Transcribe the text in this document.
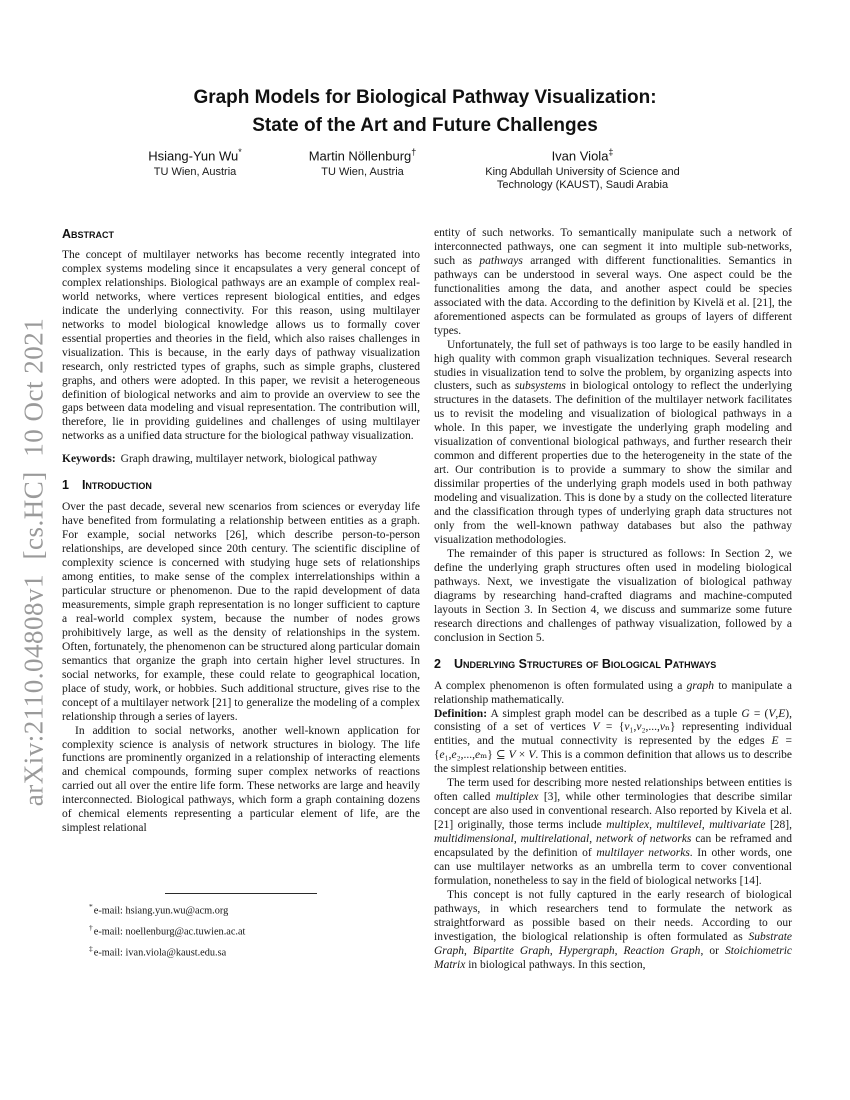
arXiv:2110.04808v1  [cs.HC]  10 Oct 2021
Graph Models for Biological Pathway Visualization:
State of the Art and Future Challenges
Hsiang-Yun Wu*
TU Wien, Austria
Martin Nöllenburg†
TU Wien, Austria
Ivan Viola‡
King Abdullah University of Science and Technology (KAUST), Saudi Arabia
Abstract

The concept of multilayer networks has become recently integrated into complex systems modeling since it encapsulates a very general concept of complex relationships. Biological pathways are an example of complex real-world networks, where vertices represent biological entities, and edges indicate the underlying connectivity. For this reason, using multilayer networks to model biological knowledge allows us to formally cover essential properties and theories in the field, which also raises challenges in visualization. This is because, in the early days of pathway visualization research, only restricted types of graphs, such as simple graphs, clustered graphs, and others were adopted. In this paper, we revisit a heterogeneous definition of biological networks and aim to provide an overview to see the gaps between data modeling and visual representation. The contribution will, therefore, lie in providing guidelines and challenges of using multilayer networks as a unified data structure for the biological pathway visualization.

Keywords: Graph drawing, multilayer network, biological pathway

1 Introduction

Over the past decade, several new scenarios from sciences or everyday life have benefited from formulating a relationship between entities as a graph. For example, social networks [26], which describe person-to-person relationships, are developed since 20th century. The scientific discipline of complexity science is concerned with studying huge sets of relationships among entities, to make sense of the complex interrelationships within a particular structure or phenomenon. Due to the rapid development of data measurements, simple graph representation is no longer sufficient to capture a real-world complex system, because the number of nodes grows prohibitively large, as well as the density of relationships in the system. Often, fortunately, the phenomenon can be structured along particular domain semantics that organize the graph into certain higher level structures. In social networks, for example, these could relate to geographical location, place of study, work, or hobbies. Such additional structure, gives rise to the concept of a multilayer network [21] to generalize the modeling of a complex relationship through a series of layers.

In addition to social networks, another well-known application for complexity science is analysis of network structures in biology. The life functions are prominently organized in a relationship of interacting elements and chemical compounds, forming super complex networks of reactions carried out all over the entire life form. These networks are large and heavily interconnected. Biological pathways, which form a graph containing dozens of chemical elements representing a particular element of life, are the simplest relational

entity of such networks. To semantically manipulate such a network of interconnected pathways, one can segment it into multiple sub-networks, such as pathways arranged with different functionalities. Semantics in pathways can be understood in several ways. One aspect could be the functionalities among the data, and another aspect could be species associated with the data. According to the definition by Kivelä et al. [21], the aforementioned aspects can be formulated as groups of layers of different types.

Unfortunately, the full set of pathways is too large to be easily handled in high quality with common graph visualization techniques. Several research studies in visualization tend to solve the problem, by organizing aspects into clusters, such as subsystems in biological ontology to reflect the underlying structures in the datasets. The definition of the multilayer network facilitates us to revisit the modeling and visualization of biological pathways in a whole. In this paper, we investigate the underlying graph modeling and visualization of conventional biological pathways, and further research their common and different properties due to the heterogeneity in the state of the art. Our contribution is to provide a summary to show the similar and dissimilar properties of the underlying graph models used in both pathway modeling and visualization. This is done by a study on the collected literature and the classification through types of underlying graph data structures not only from the well-known pathway databases but also the pathway visualization methodologies.

The remainder of this paper is structured as follows: In Section 2, we define the underlying graph structures often used in modeling biological pathways. Next, we investigate the visualization of biological pathway diagrams by researching hand-crafted diagrams and machine-computed layouts in Section 3. In Section 4, we discuss and summarize some future research directions and challenges of pathway visualization, followed by a conclusion in Section 5.

2 Underlying Structures of Biological Pathways

A complex phenomenon is often formulated using a graph to manipulate a relationship mathematically.

Definition: A simplest graph model can be described as a tuple G = (V,E), consisting of a set of vertices V = {v₁,v₂,...,vₙ} representing individual entities, and the mutual connectivity is represented by the edges E = {e₁,e₂,...,eₘ} ⊆ V × V. This is a common definition that allows us to describe the simplest relationship between entities.

The term used for describing more nested relationships between entities is often called multiplex [3], while other terminologies that describe similar concept are also used in conventional research. Also reported by Kivela et al. [21] originally, those terms include multiplex, multilevel, multivariate [28], multidimensional, multirelational, network of networks can be reframed and encapsulated by the definition of multilayer networks. In other words, one can use multilayer networks as an umbrella term to cover conventional formulation, nonetheless to say in the field of biological networks [14].

This concept is not fully captured in the early research of biological pathways, in which researchers tend to formulate the network as straightforward as possible based on their needs. According to our investigation, the biological relationship is often formulated as Substrate Graph, Bipartite Graph, Hypergraph, Reaction Graph, or Stoichiometric Matrix in biological pathways. In this section,

*e-mail: hsiang.yun.wu@acm.org
†e-mail: noellenburg@ac.tuwien.ac.at
‡e-mail: ivan.viola@kaust.edu.sa
